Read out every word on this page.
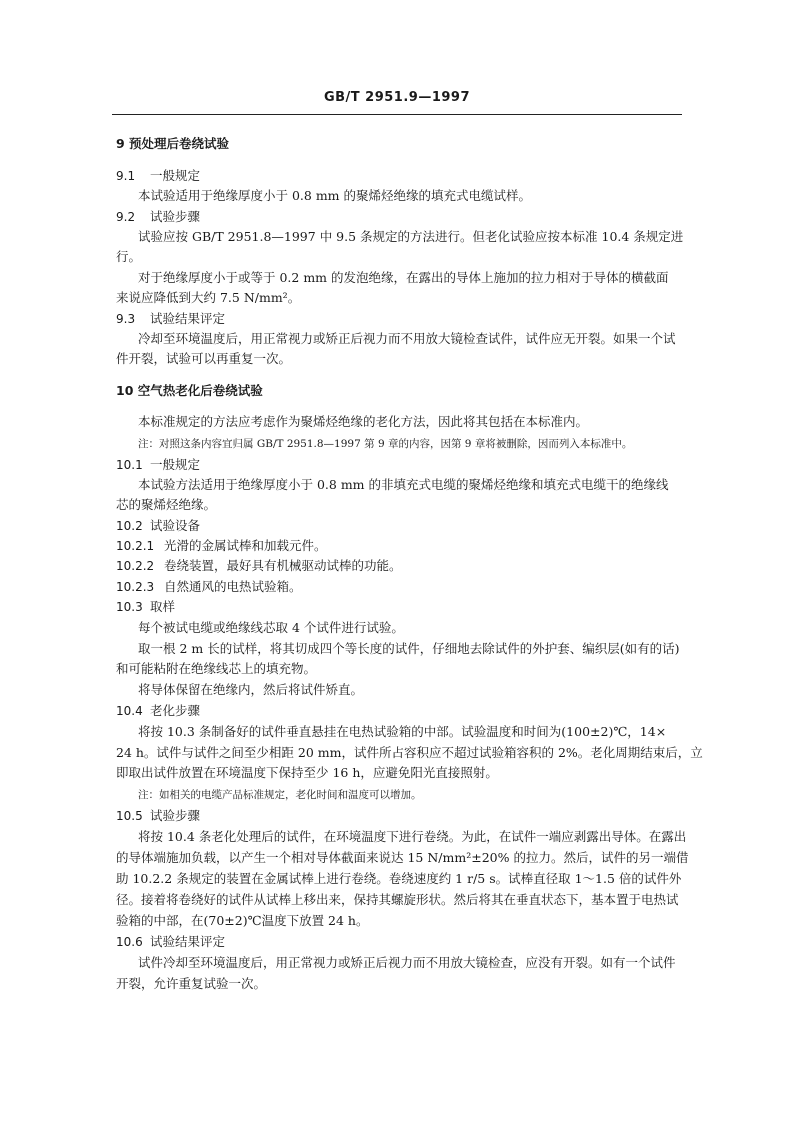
GB/T 2951.9—1997
9 预处理后卷绕试验
9.1 一般规定
本试验适用于绝缘厚度小于 0.8 mm 的聚烯烃绝缘的填充式电缆试样。
9.2 试验步骤
试验应按 GB/T 2951.8—1997 中 9.5 条规定的方法进行。但老化试验应按本标准 10.4 条规定进
行。
对于绝缘厚度小于或等于 0.2 mm 的发泡绝缘，在露出的导体上施加的拉力相对于导体的横截面
来说应降低到大约 7.5 N/mm²。
9.3 试验结果评定
冷却至环境温度后，用正常视力或矫正后视力而不用放大镜检查试件，试件应无开裂。如果一个试
件开裂，试验可以再重复一次。
10 空气热老化后卷绕试验
本标准规定的方法应考虑作为聚烯烃绝缘的老化方法，因此将其包括在本标准内。
注：对照这条内容宜归属 GB/T 2951.8—1997 第 9 章的内容，因第 9 章将被删除，因而列入本标准中。
10.1 一般规定
本试验方法适用于绝缘厚度小于 0.8 mm 的非填充式电缆的聚烯烃绝缘和填充式电缆干的绝缘线
芯的聚烯烃绝缘。
10.2 试验设备
10.2.1 光滑的金属试棒和加载元件。
10.2.2 卷绕装置，最好具有机械驱动试棒的功能。
10.2.3 自然通风的电热试验箱。
10.3 取样
每个被试电缆或绝缘线芯取 4 个试件进行试验。
取一根 2 m 长的试样，将其切成四个等长度的试件，仔细地去除试件的外护套、编织层(如有的话)
和可能粘附在绝缘线芯上的填充物。
将导体保留在绝缘内，然后将试件矫直。
10.4 老化步骤
将按 10.3 条制备好的试件垂直悬挂在电热试验箱的中部。试验温度和时间为(100±2)℃，14×
24 h。试件与试件之间至少相距 20 mm，试件所占容积应不超过试验箱容积的 2%。老化周期结束后，立
即取出试件放置在环境温度下保持至少 16 h，应避免阳光直接照射。
注：如相关的电缆产品标准规定，老化时间和温度可以增加。
10.5 试验步骤
将按 10.4 条老化处理后的试件，在环境温度下进行卷绕。为此，在试件一端应剥露出导体。在露出
的导体端施加负载，以产生一个相对导体截面来说达 15 N/mm²±20% 的拉力。然后，试件的另一端借
助 10.2.2 条规定的装置在金属试棒上进行卷绕。卷绕速度约 1 r/5 s。试棒直径取 1～1.5 倍的试件外
径。接着将卷绕好的试件从试棒上移出来，保持其螺旋形状。然后将其在垂直状态下，基本置于电热试
验箱的中部，在(70±2)℃温度下放置 24 h。
10.6 试验结果评定
试件冷却至环境温度后，用正常视力或矫正后视力而不用放大镜检查，应没有开裂。如有一个试件
开裂，允许重复试验一次。
